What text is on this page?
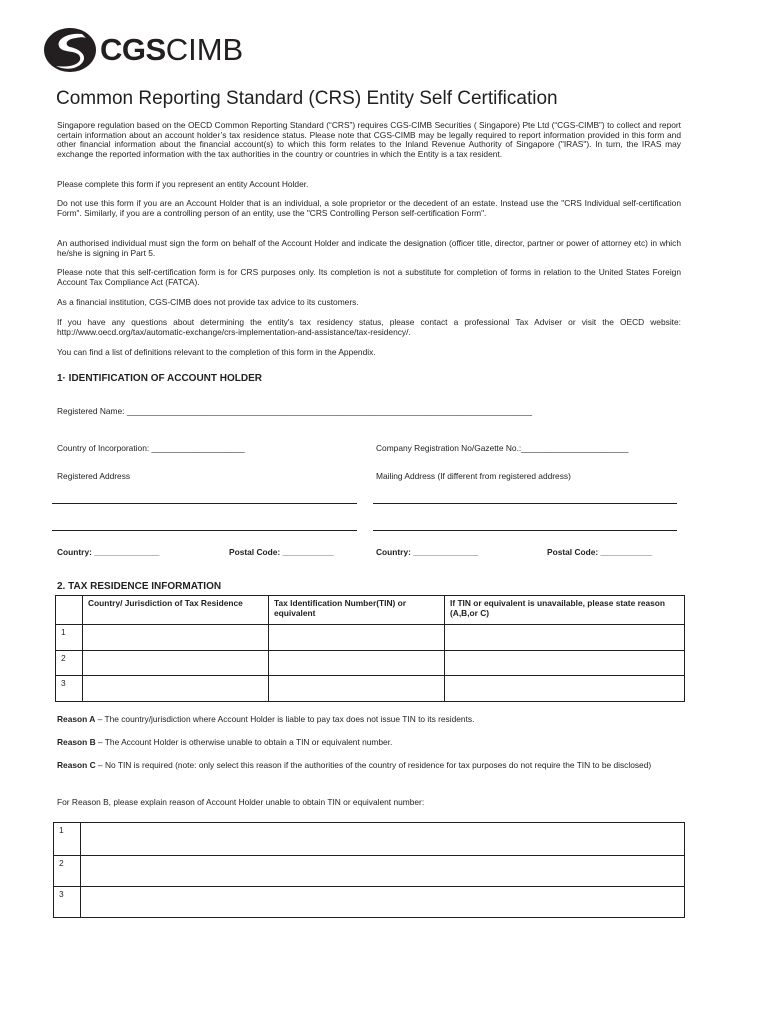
CGSCIMB
Common Reporting Standard (CRS) Entity Self Certification
Singapore regulation based on the OECD Common Reporting Standard (“CRS”) requires CGS-CIMB Securities ( Singapore) Pte Ltd (“CGS-CIMB”) to collect and report certain information about an account holder’s tax residence status. Please note that CGS-CIMB may be legally required to report information provided in this form and other financial information about the financial account(s) to which this form relates to the Inland Revenue Authority of Singapore ("IRAS"). In turn, the IRAS may exchange the reported information with the tax authorities in the country or countries in which the Entity is a tax resident.
Please complete this form if you represent an entity Account Holder.
Do not use this form if you are an Account Holder that is an individual, a sole proprietor or the decedent of an estate. Instead use the "CRS Individual self-certification Form". Similarly, if you are a controlling person of an entity, use the "CRS Controlling Person self-certification Form".
An authorised individual must sign the form on behalf of the Account Holder and indicate the designation (officer title, director, partner or power of attorney etc) in which he/she is signing in Part 5.
Please note that this self-certification form is for CRS purposes only. Its completion is not a substitute for completion of forms in relation to the United States Foreign Account Tax Compliance Act (FATCA).
As a financial institution, CGS-CIMB does not provide tax advice to its customers.
If you have any questions about determining the entity's tax residency status, please contact a professional Tax Adviser or visit the OECD website: http://www.oecd.org/tax/automatic-exchange/crs-implementation-and-assistance/tax-residency/.
You can find a list of definitions relevant to the completion of this form in the Appendix.
1· IDENTIFICATION OF ACCOUNT HOLDER
Registered Name: _______________________________________________________________________________________
Country of Incorporation: ____________________	Company Registration No/Gazette No.:_______________________
Registered Address	Mailing Address (If different from registered address)
Country: ______________	Postal Code: ___________	Country: ______________	Postal Code: ___________
2. TAX RESIDENCE INFORMATION
	Country/ Jurisdiction of Tax Residence	Tax Identification Number(TIN) or equivalent	If TIN or equivalent is unavailable, please state reason (A,B,or C)
1			
2			
3			
Reason A – The country/jurisdiction where Account Holder is liable to pay tax does not issue TIN to its residents.
Reason B – The Account Holder is otherwise unable to obtain a TIN or equivalent number.
Reason C – No TIN is required (note: only select this reason if the authorities of the country of residence for tax purposes do not require the TIN to be disclosed)
For Reason B, please explain reason of Account Holder unable to obtain TIN or equivalent number:
1	
2	
3	
